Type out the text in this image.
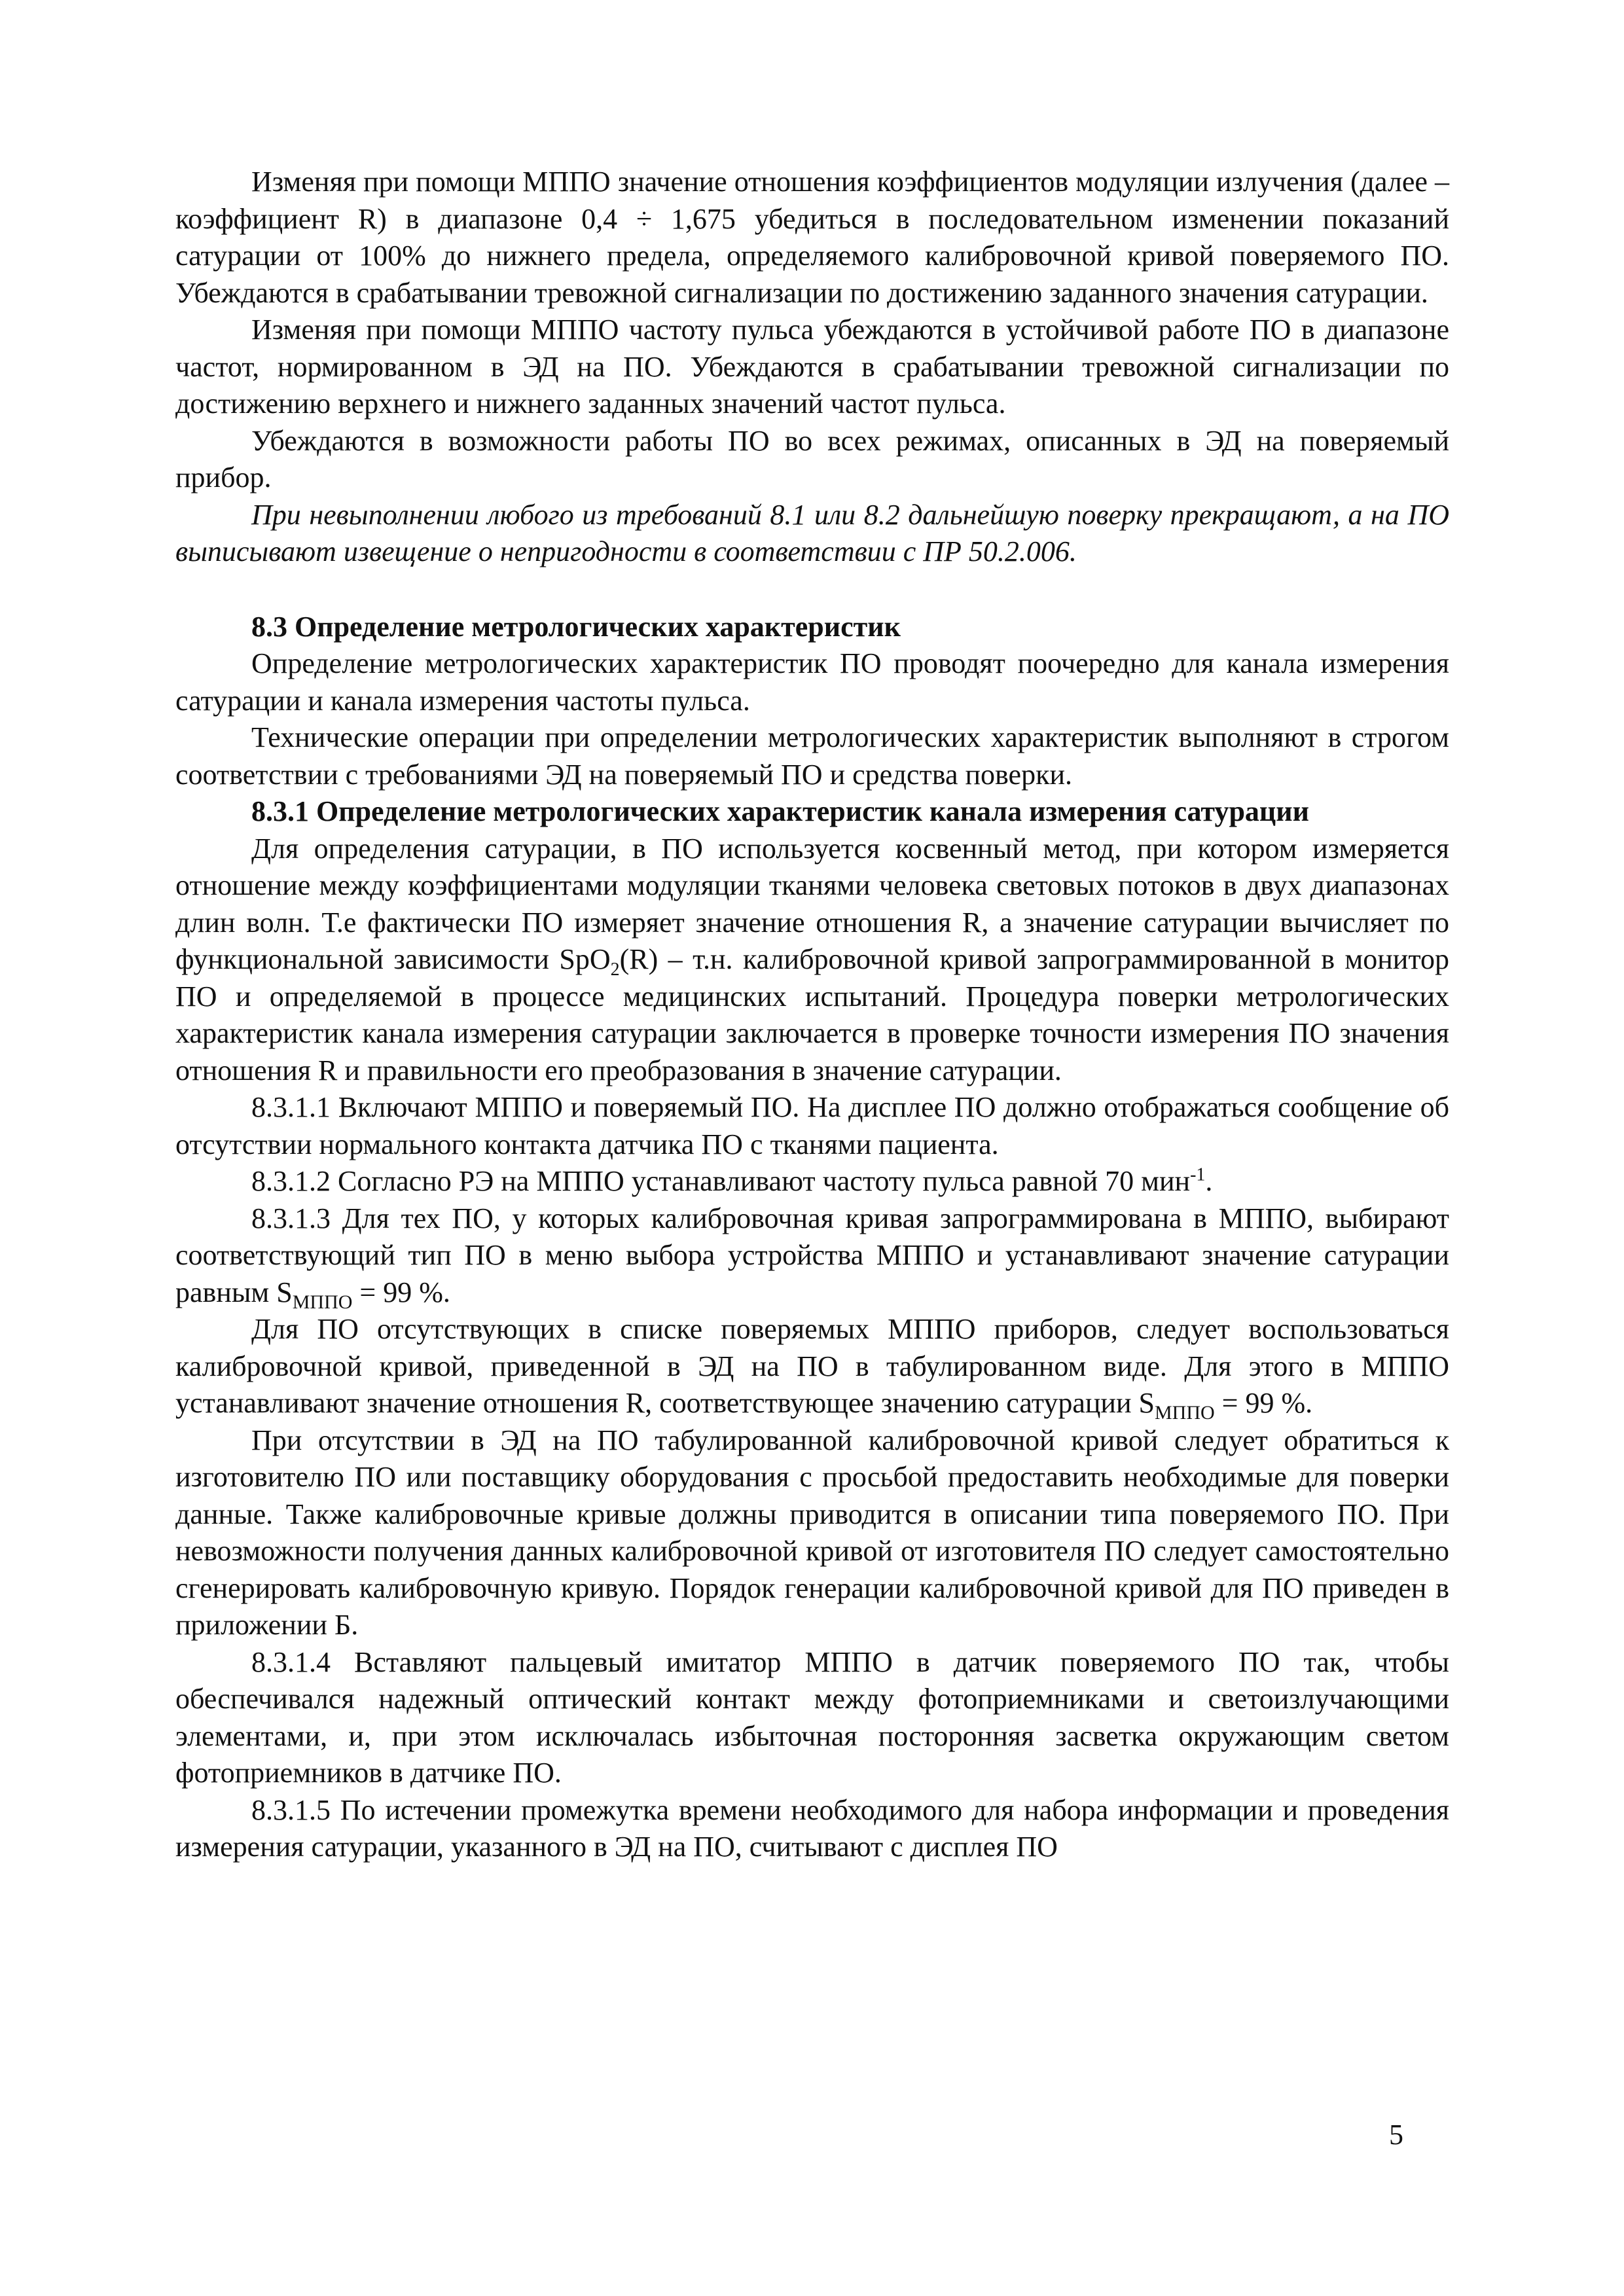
Изменяя при помощи МППО значение отношения коэффициентов модуляции излучения (далее – коэффициент R) в диапазоне 0,4 ÷ 1,675 убедиться в последовательном изменении показаний сатурации от 100% до нижнего предела, определяемого калибровочной кривой поверяемого ПО. Убеждаются в срабатывании тревожной сигнализации по достижению заданного значения сатурации.

Изменяя при помощи МППО частоту пульса убеждаются в устойчивой работе ПО в диапазоне частот, нормированном в ЭД на ПО. Убеждаются в срабатывании тревожной сигнализации по достижению верхнего и нижнего заданных значений частот пульса.

Убеждаются в возможности работы ПО во всех режимах, описанных в ЭД на поверяемый прибор.

При невыполнении любого из требований 8.1 или 8.2 дальнейшую поверку прекращают, а на ПО выписывают извещение о непригодности в соответствии с ПР 50.2.006.

8.3 Определение метрологических характеристик

Определение метрологических характеристик ПО проводят поочередно для канала измерения сатурации и канала измерения частоты пульса.

Технические операции при определении метрологических характеристик выполняют в строгом соответствии с требованиями ЭД на поверяемый ПО и средства поверки.

8.3.1 Определение метрологических характеристик канала измерения сатурации

Для определения сатурации, в ПО используется косвенный метод, при котором измеряется отношение между коэффициентами модуляции тканями человека световых потоков в двух диапазонах длин волн. Т.е фактически ПО измеряет значение отношения R, а значение сатурации вычисляет по функциональной зависимости SpO$_2$(R) – т.н. калибровочной кривой запрограммированной в монитор ПО и определяемой в процессе медицинских испытаний. Процедура поверки метрологических характеристик канала измерения сатурации заключается в проверке точности измерения ПО значения отношения R и правильности его преобразования в значение сатурации.

8.3.1.1 Включают МППО и поверяемый ПО. На дисплее ПО должно отображаться сообщение об отсутствии нормального контакта датчика ПО с тканями пациента.

8.3.1.2 Согласно РЭ на МППО устанавливают частоту пульса равной 70 мин$^{-1}$.

8.3.1.3 Для тех ПО, у которых калибровочная кривая запрограммирована в МППО, выбирают соответствующий тип ПО в меню выбора устройства МППО и устанавливают значение сатурации равным $S_{МППО} = 99$ %.

Для ПО отсутствующих в списке поверяемых МППО приборов, следует воспользоваться калибровочной кривой, приведенной в ЭД на ПО в табулированном виде. Для этого в МППО устанавливают значение отношения R, соответствующее значению сатурации $S_{МППО} = 99$ %.

При отсутствии в ЭД на ПО табулированной калибровочной кривой следует обратиться к изготовителю ПО или поставщику оборудования с просьбой предоставить необходимые для поверки данные. Также калибровочные кривые должны приводится в описании типа поверяемого ПО. При невозможности получения данных калибровочной кривой от изготовителя ПО следует самостоятельно сгенерировать калибровочную кривую. Порядок генерации калибровочной кривой для ПО приведен в приложении Б.

8.3.1.4 Вставляют пальцевый имитатор МППО в датчик поверяемого ПО так, чтобы обеспечивался надежный оптический контакт между фотоприемниками и светоизлучающими элементами, и, при этом исключалась избыточная посторонняя засветка окружающим светом фотоприемников в датчике ПО.

8.3.1.5 По истечении промежутка времени необходимого для набора информации и проведения измерения сатурации, указанного в ЭД на ПО, считывают с дисплея ПО

5
